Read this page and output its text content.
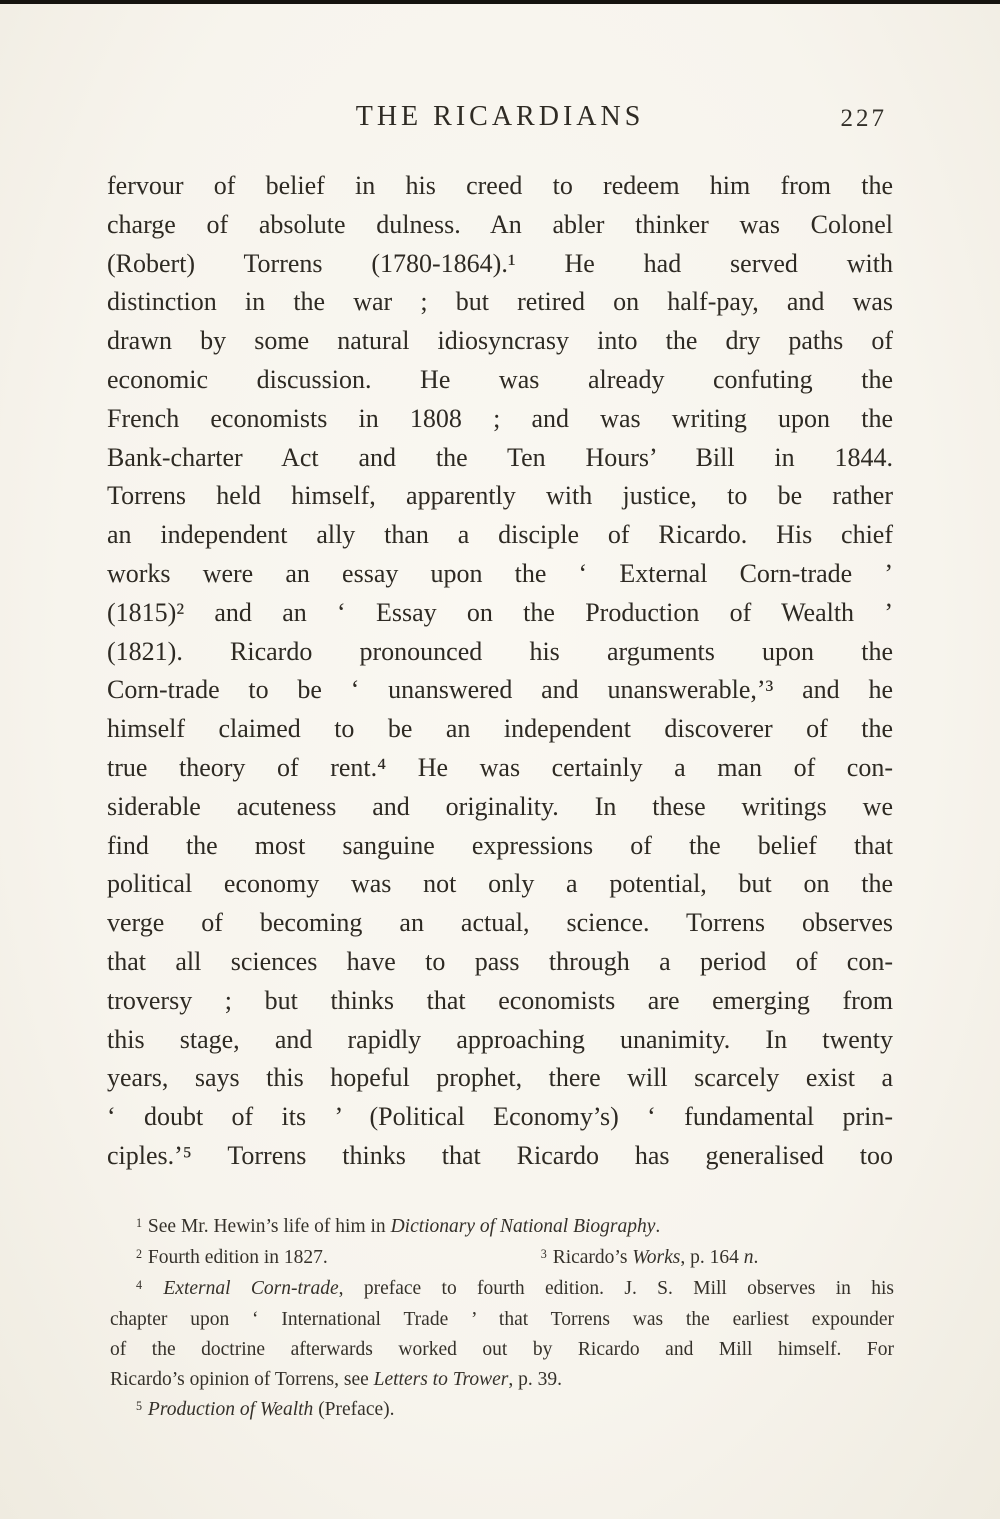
THE RICARDIANS	227
fervour of belief in his creed to redeem him from the
charge of absolute dulness. An abler thinker was Colonel
(Robert) Torrens (1780-1864).¹ He had served with
distinction in the war ; but retired on half-pay, and was
drawn by some natural idiosyncrasy into the dry paths of
economic discussion. He was already confuting the
French economists in 1808 ; and was writing upon the
Bank-charter Act and the Ten Hours’ Bill in 1844.
Torrens held himself, apparently with justice, to be rather
an independent ally than a disciple of Ricardo. His chief
works were an essay upon the ‘ External Corn-trade ’
(1815)² and an ‘ Essay on the Production of Wealth ’
(1821). Ricardo pronounced his arguments upon the
Corn-trade to be ‘ unanswered and unanswerable,’³ and he
himself claimed to be an independent discoverer of the
true theory of rent.⁴ He was certainly a man of con-
siderable acuteness and originality. In these writings we
find the most sanguine expressions of the belief that
political economy was not only a potential, but on the
verge of becoming an actual, science. Torrens observes
that all sciences have to pass through a period of con-
troversy ; but thinks that economists are emerging from
this stage, and rapidly approaching unanimity. In twenty
years, says this hopeful prophet, there will scarcely exist a
‘ doubt of its ’ (Political Economy’s) ‘ fundamental prin-
ciples.’⁵ Torrens thinks that Ricardo has generalised too
$^1$ See Mr. Hewin’s life of him in Dictionary of National Biography.
$^2$ Fourth edition in 1827.	$^3$ Ricardo’s Works, p. 164 n.
$^4$ External Corn-trade, preface to fourth edition. J. S. Mill observes in his
chapter upon ‘ International Trade ’ that Torrens was the earliest expounder
of the doctrine afterwards worked out by Ricardo and Mill himself. For
Ricardo’s opinion of Torrens, see Letters to Trower, p. 39.
$^5$ Production of Wealth (Preface).
